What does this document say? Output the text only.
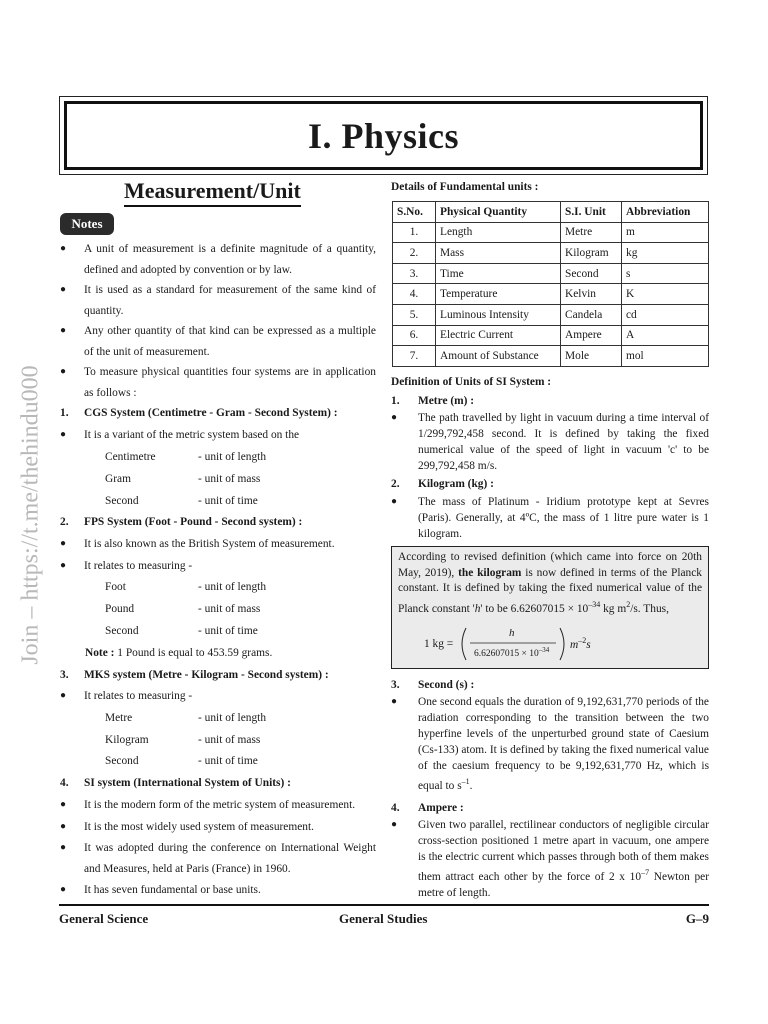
I. Physics
Join – https://t.me/thehindu000
Measurement/Unit
Notes
● A unit of measurement is a definite magnitude of a quantity, defined and adopted by convention or by law.
● It is used as a standard for measurement of the same kind of quantity.
● Any other quantity of that kind can be expressed as a multiple of the unit of measurement.
● To measure physical quantities four systems are in application as follows :
1. CGS System (Centimetre - Gram - Second System) :
● It is a variant of the metric system based on the
Centimetre	- unit of length
Gram	- unit of mass
Second	- unit of time
2. FPS System (Foot - Pound - Second system) :
● It is also known as the British System of measurement.
● It relates to measuring -
Foot	- unit of length
Pound	- unit of mass
Second	- unit of time
Note : 1 Pound is equal to 453.59 grams.
3. MKS system (Metre - Kilogram - Second system) :
● It relates to measuring -
Metre	- unit of length
Kilogram	- unit of mass
Second	- unit of time
4. SI system (International System of Units) :
● It is the modern form of the metric system of measurement.
● It is the most widely used system of measurement.
● It was adopted during the conference on International Weight and Measures, held at Paris (France) in 1960.
● It has seven fundamental or base units.
Details of Fundamental units :
S.No.	Physical Quantity	S.I. Unit	Abbreviation
1.	Length	Metre	m
2.	Mass	Kilogram	kg
3.	Time	Second	s
4.	Temperature	Kelvin	K
5.	Luminous Intensity	Candela	cd
6.	Electric Current	Ampere	A
7.	Amount of Substance	Mole	mol
Definition of Units of SI System :
1. Metre (m) :
● The path travelled by light in vacuum during a time interval of 1/299,792,458 second. It is defined by taking the fixed numerical value of the speed of light in vacuum 'c' to be 299,792,458 m/s.
2. Kilogram (kg) :
● The mass of Platinum - Iridium prototype kept at Sevres (Paris). Generally, at 4ºC, the mass of 1 litre pure water is 1 kilogram.
According to revised definition (which came into force on 20th May, 2019), the kilogram is now defined in terms of the Planck constant. It is defined by taking the fixed numerical value of the Planck constant 'h' to be $6.62607015 \times 10^{-34}$ kg $m^2/s$. Thus,
1 kg =
h
$6.62607015 \times 10^{-34}$ $m^{-2}s$
3. Second (s) :
● One second equals the duration of 9,192,631,770 periods of the radiation corresponding to the transition between the two hyperfine levels of the unperturbed ground state of Caesium (Cs-133) atom. It is defined by taking the fixed numerical value of the caesium frequency to be 9,192,631,770 Hz, which is equal to $s^{-1}$.
4. Ampere :
● Given two parallel, rectilinear conductors of negligible circular cross-section positioned 1 metre apart in vacuum, one ampere is the electric current which passes through both of them makes them attract each other by the force of 2 x $10^{-7}$ Newton per metre of length.
General Science	General Studies	G–9
